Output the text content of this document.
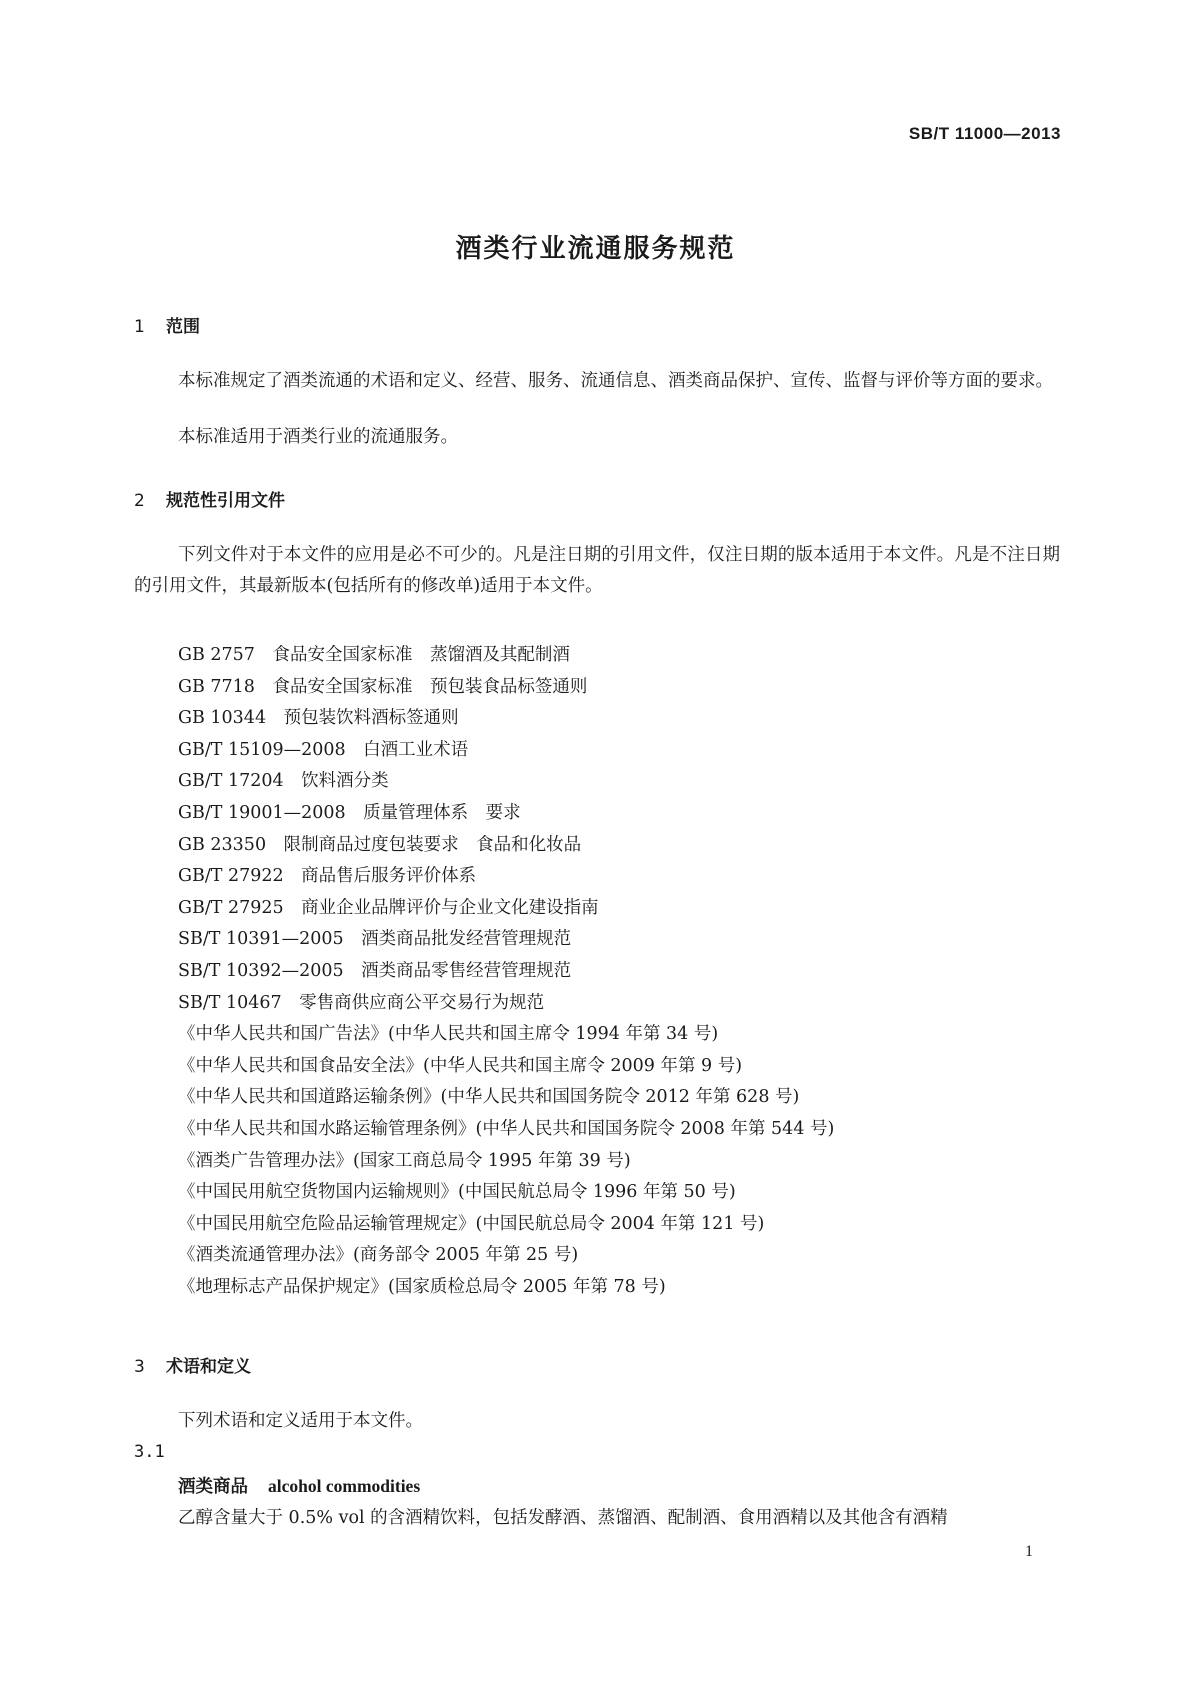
SB/T 11000—2013
酒类行业流通服务规范
1 范围

本标准规定了酒类流通的术语和定义、经营、服务、流通信息、酒类商品保护、宣传、监督与评价等方面的要求。

本标准适用于酒类行业的流通服务。
2 规范性引用文件

下列文件对于本文件的应用是必不可少的。凡是注日期的引用文件，仅注日期的版本适用于本文件。凡是不注日期的引用文件，其最新版本(包括所有的修改单)适用于本文件。

GB 2757　食品安全国家标准　蒸馏酒及其配制酒
GB 7718　食品安全国家标准　预包装食品标签通则
GB 10344　预包装饮料酒标签通则
GB/T 15109—2008　白酒工业术语
GB/T 17204　饮料酒分类
GB/T 19001—2008　质量管理体系　要求
GB 23350　限制商品过度包装要求　食品和化妆品
GB/T 27922　商品售后服务评价体系
GB/T 27925　商业企业品牌评价与企业文化建设指南
SB/T 10391—2005　酒类商品批发经营管理规范
SB/T 10392—2005　酒类商品零售经营管理规范
SB/T 10467　零售商供应商公平交易行为规范
《中华人民共和国广告法》(中华人民共和国主席令 1994 年第 34 号)
《中华人民共和国食品安全法》(中华人民共和国主席令 2009 年第 9 号)
《中华人民共和国道路运输条例》(中华人民共和国国务院令 2012 年第 628 号)
《中华人民共和国水路运输管理条例》(中华人民共和国国务院令 2008 年第 544 号)
《酒类广告管理办法》(国家工商总局令 1995 年第 39 号)
《中国民用航空货物国内运输规则》(中国民航总局令 1996 年第 50 号)
《中国民用航空危险品运输管理规定》(中国民航总局令 2004 年第 121 号)
《酒类流通管理办法》(商务部令 2005 年第 25 号)
《地理标志产品保护规定》(国家质检总局令 2005 年第 78 号)
3 术语和定义
下列术语和定义适用于本文件。
3.1
酒类商品 alcohol commodities
乙醇含量大于 0.5% vol 的含酒精饮料，包括发酵酒、蒸馏酒、配制酒、食用酒精以及其他含有酒精
1
